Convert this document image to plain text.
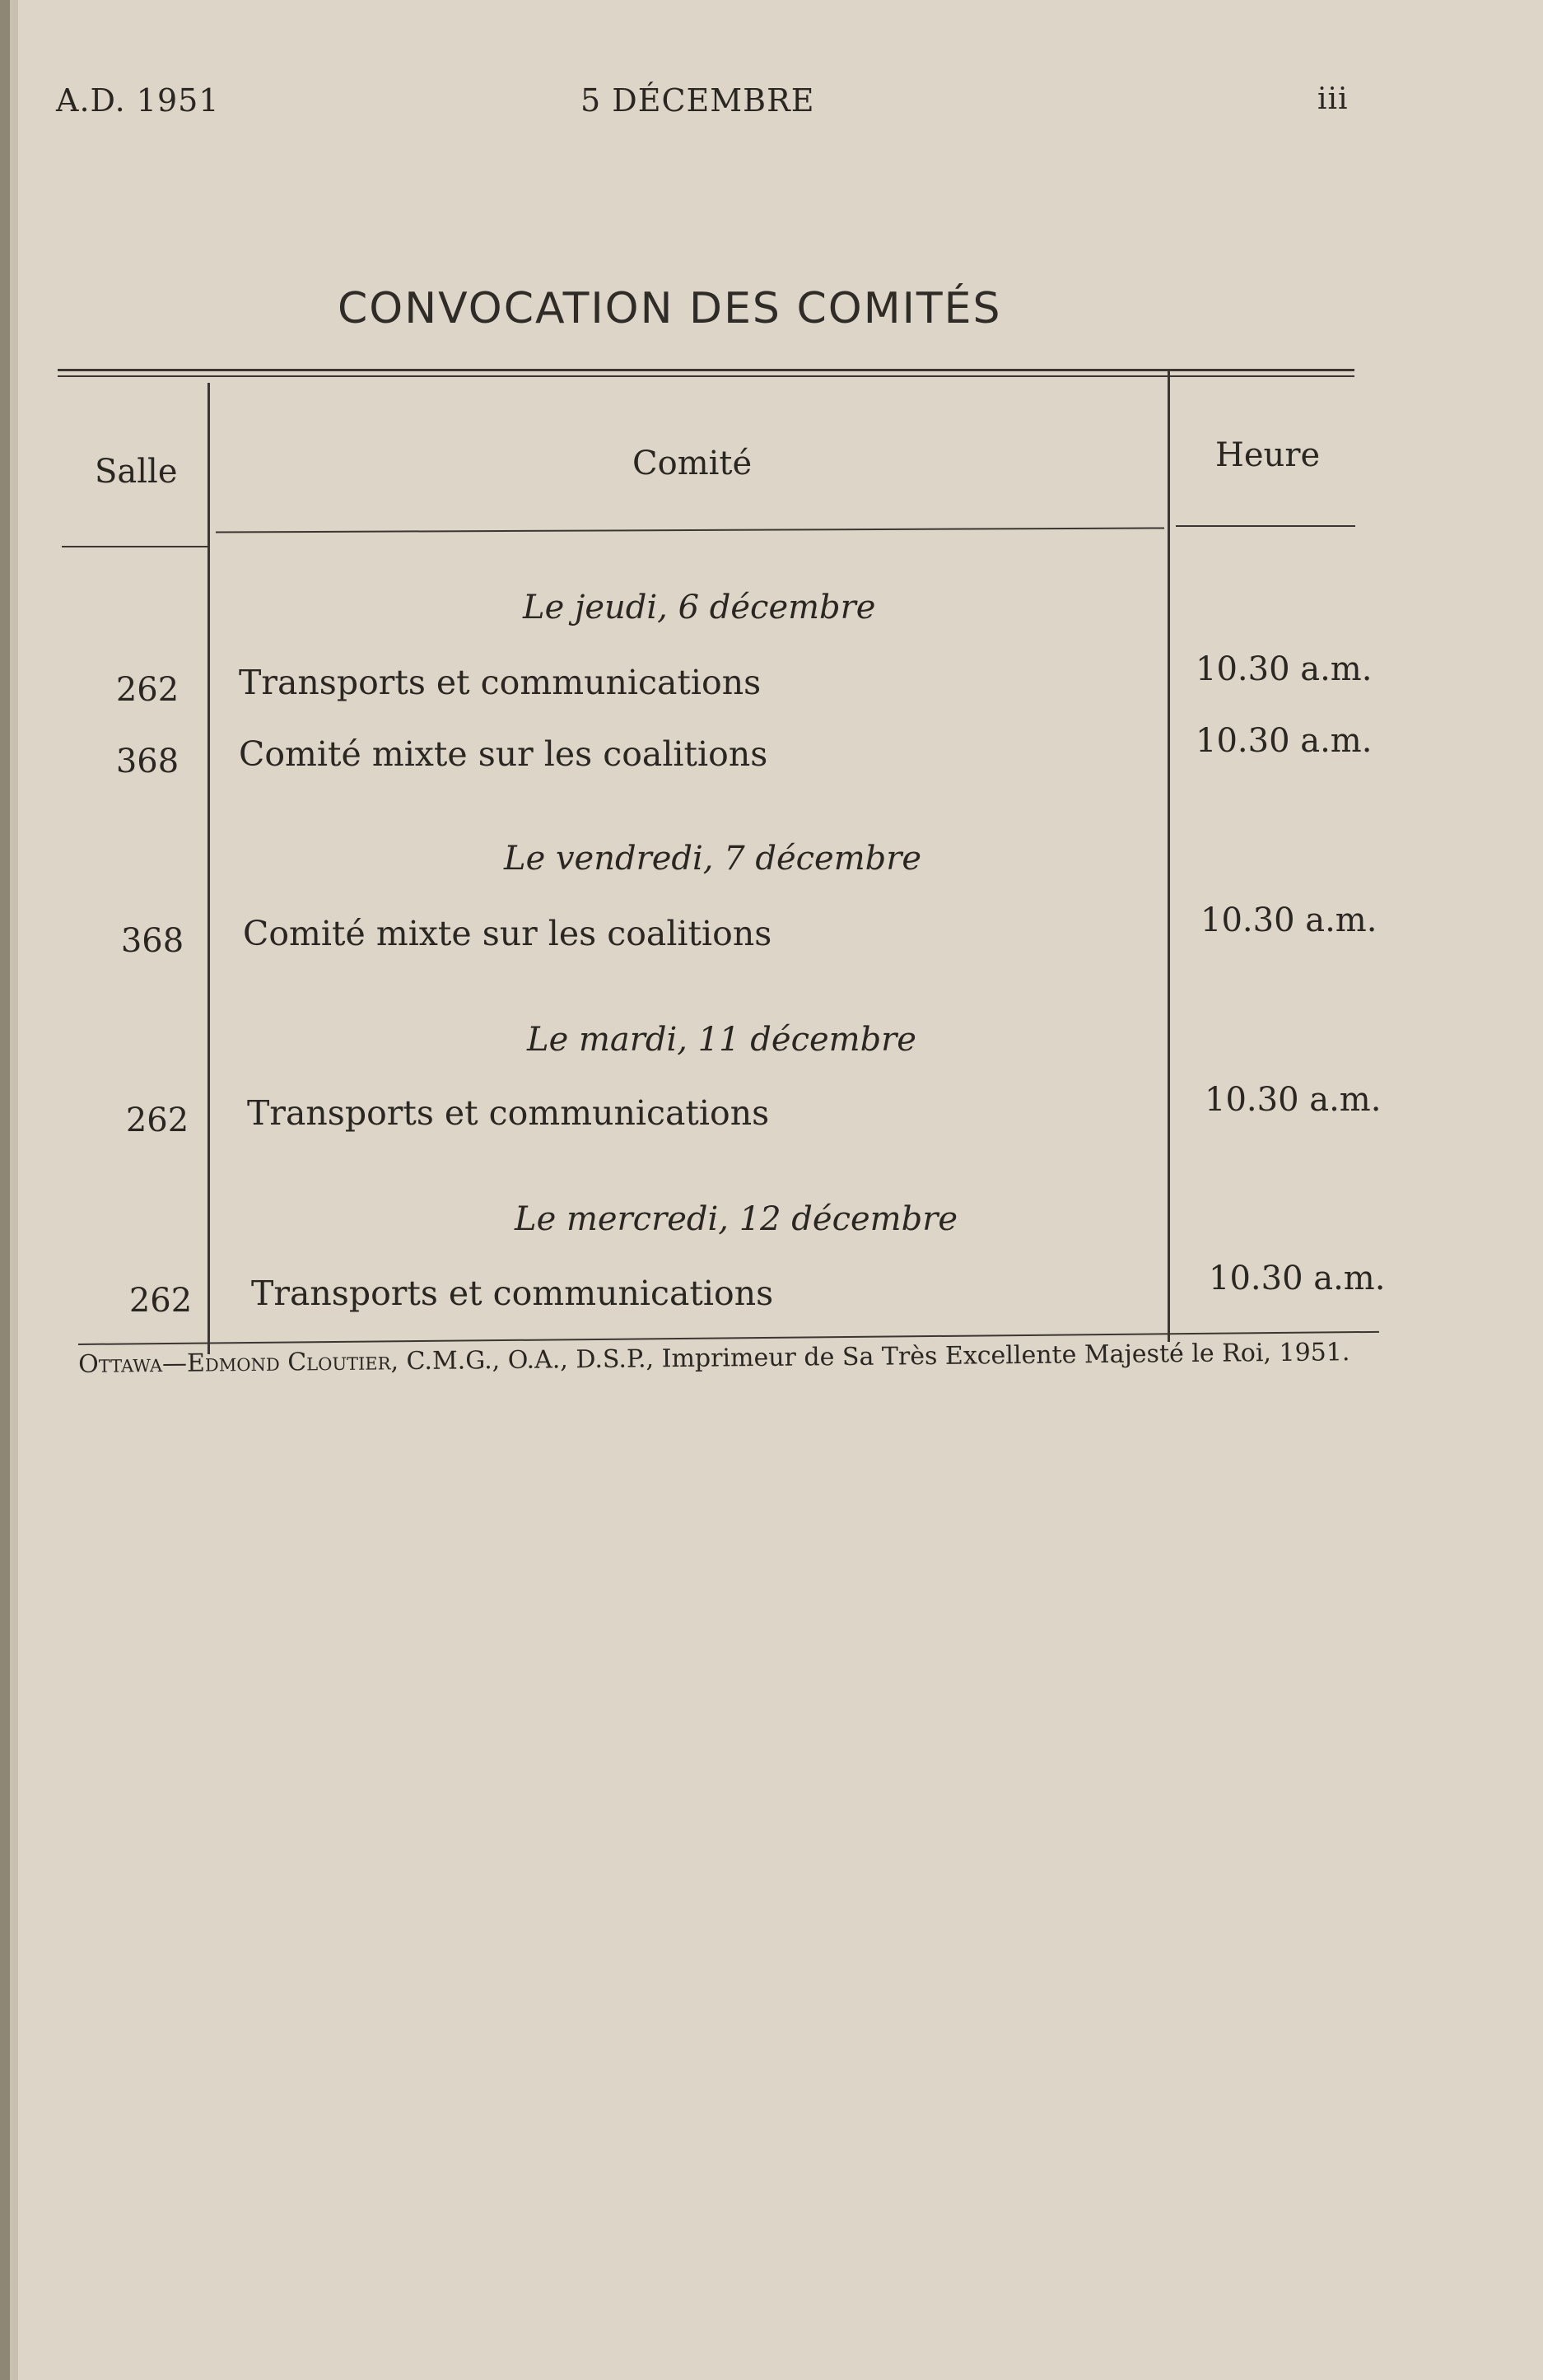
A.D. 1951	5 DÉCEMBRE	iii
CONVOCATION DES COMITÉS
Salle	Comité	Heure
Le jeudi, 6 décembre
262	Transports et communications	10.30 a.m.
368	Comité mixte sur les coalitions	10.30 a.m.
Le vendredi, 7 décembre
368	Comité mixte sur les coalitions	10.30 a.m.
Le mardi, 11 décembre
262	Transports et communications	10.30 a.m.
Le mercredi, 12 décembre
262	Transports et communications	10.30 a.m.
Ottawa—Edmond Cloutier, C.M.G., O.A., D.S.P., Imprimeur de Sa Très Excellente Majesté le Roi, 1951.
